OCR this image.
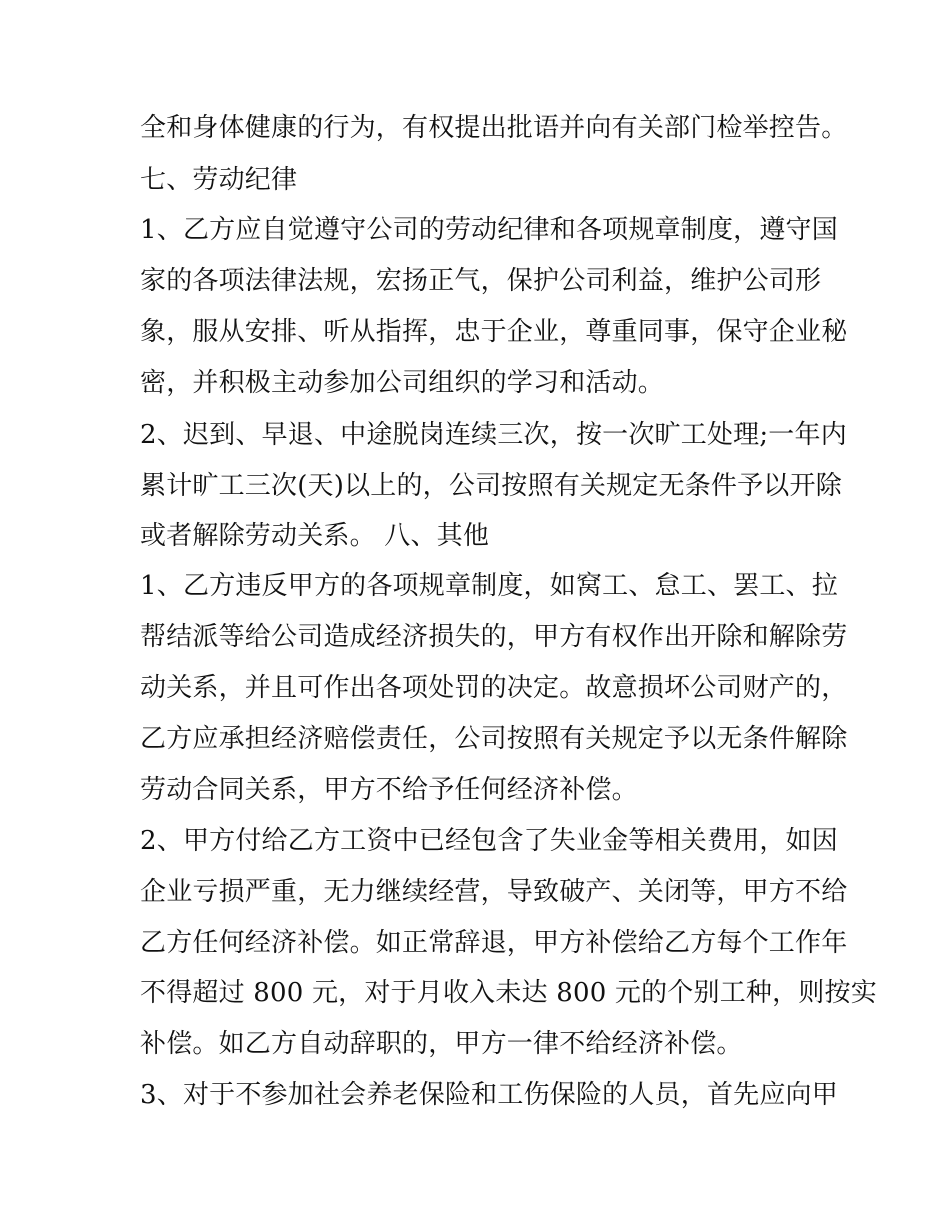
全和身体健康的行为，有权提出批语并向有关部门检举控告。
七、劳动纪律
1、乙方应自觉遵守公司的劳动纪律和各项规章制度，遵守国
家的各项法律法规，宏扬正气，保护公司利益，维护公司形
象，服从安排、听从指挥，忠于企业，尊重同事，保守企业秘
密，并积极主动参加公司组织的学习和活动。
2、迟到、早退、中途脱岗连续三次，按一次旷工处理;一年内
累计旷工三次(天)以上的，公司按照有关规定无条件予以开除
或者解除劳动关系。 八、其他
1、乙方违反甲方的各项规章制度，如窝工、怠工、罢工、拉
帮结派等给公司造成经济损失的，甲方有权作出开除和解除劳
动关系，并且可作出各项处罚的决定。故意损坏公司财产的，
乙方应承担经济赔偿责任，公司按照有关规定予以无条件解除
劳动合同关系，甲方不给予任何经济补偿。
2、甲方付给乙方工资中已经包含了失业金等相关费用，如因
企业亏损严重，无力继续经营，导致破产、关闭等，甲方不给
乙方任何经济补偿。如正常辞退，甲方补偿给乙方每个工作年
不得超过 800 元，对于月收入未达 800 元的个别工种，则按实
补偿。如乙方自动辞职的，甲方一律不给经济补偿。
3、对于不参加社会养老保险和工伤保险的人员，首先应向甲
